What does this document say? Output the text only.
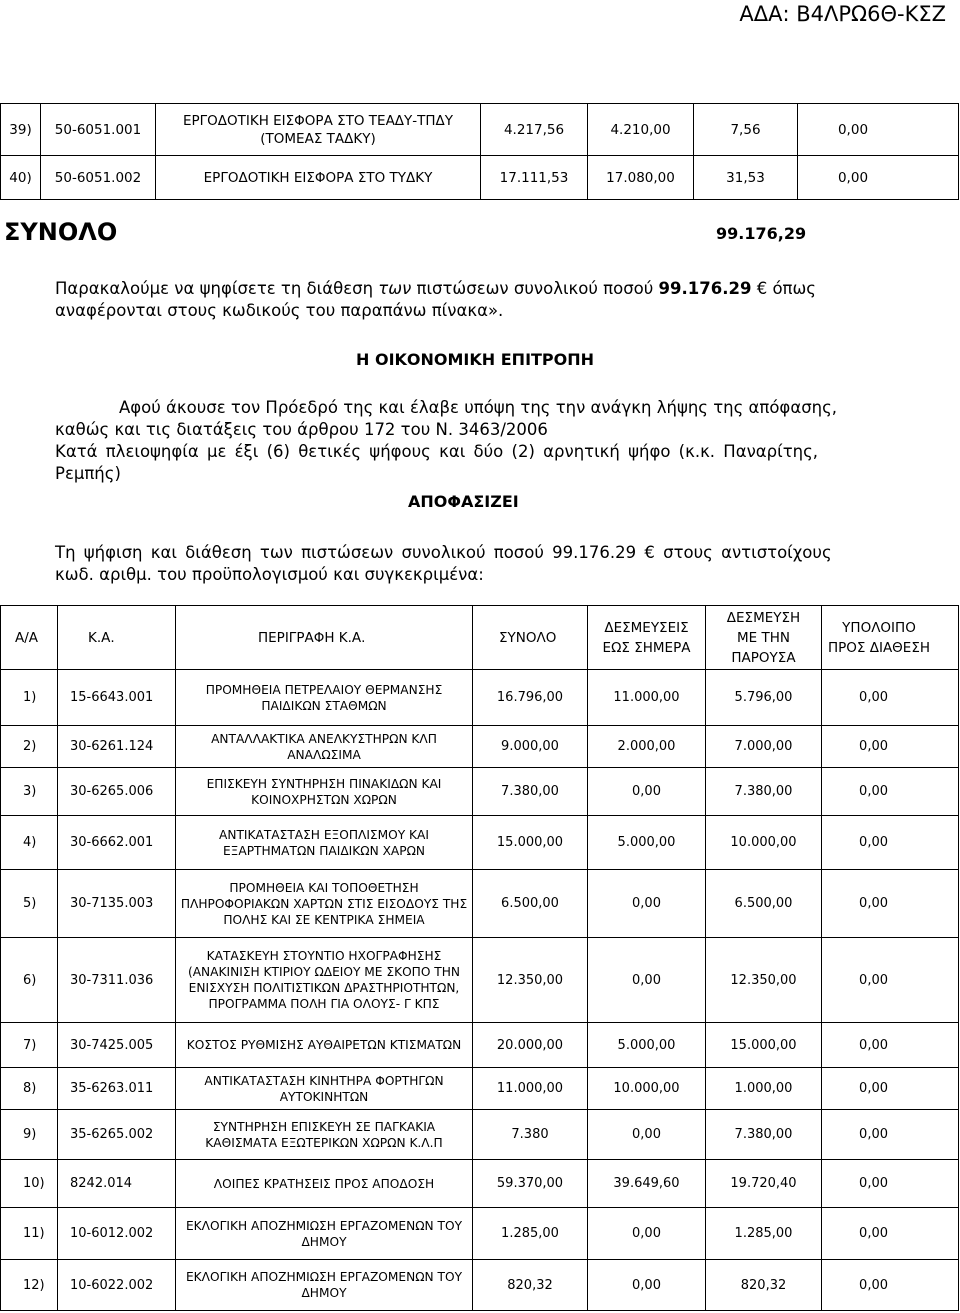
ΑΔΑ: Β4ΛΡΩ6Θ-ΚΣΖ
39)	50-6051.001	ΕΡΓΟΔΟΤΙΚΗ ΕΙΣΦΟΡΑ ΣΤΟ ΤΕΑΔΥ-ΤΠΔΥ (ΤΟΜΕΑΣ ΤΑΔΚΥ)	4.217,56	4.210,00	7,56	0,00
40)	50-6051.002	ΕΡΓΟΔΟΤΙΚΗ ΕΙΣΦΟΡΑ ΣΤΟ ΤΥΔΚΥ	17.111,53	17.080,00	31,53	0,00
ΣΥΝΟΛΟ	99.176,29
Παρακαλούμε να ψηφίσετε τη διάθεση των πιστώσεων συνολικού ποσού 99.176.29 € όπως
αναφέρονται στους κωδικούς του παραπάνω πίνακα».
Η ΟΙΚΟΝΟΜΙΚΗ ΕΠΙΤΡΟΠΗ
Αφού άκουσε τον Πρόεδρό της και έλαβε υπόψη της την ανάγκη λήψης της απόφασης,
καθώς και τις διατάξεις του άρθρου 172 του Ν. 3463/2006
Κατά πλειοψηφία με έξι (6) θετικές ψήφους και δύο (2) αρνητική ψήφο (κ.κ. Παναρίτης,
Ρεμπής)
ΑΠΟΦΑΣΙΖΕΙ
Τη ψήφιση και διάθεση των πιστώσεων συνολικού ποσού 99.176.29 € στους αντιστοίχους
κωδ. αριθμ. του προϋπολογισμού και συγκεκριμένα:
Α/Α	Κ.Α.	ΠΕΡΙΓΡΑΦΗ Κ.Α.	ΣΥΝΟΛΟ	ΔΕΣΜΕΥΣΕΙΣ ΕΩΣ ΣΗΜΕΡΑ	ΔΕΣΜΕΥΣΗ ΜΕ ΤΗΝ ΠΑΡΟΥΣΑ	ΥΠΟΛΟΙΠΟ ΠΡΟΣ ΔΙΑΘΕΣΗ
1)	15-6643.001	ΠΡΟΜΗΘΕΙΑ ΠΕΤΡΕΛΑΙΟΥ ΘΕΡΜΑΝΣΗΣ ΠΑΙΔΙΚΩΝ ΣΤΑΘΜΩΝ	16.796,00	11.000,00	5.796,00	0,00
2)	30-6261.124	ΑΝΤΑΛΛΑΚΤΙΚΑ ΑΝΕΛΚΥΣΤΗΡΩΝ ΚΛΠ ΑΝΑΛΩΣΙΜΑ	9.000,00	2.000,00	7.000,00	0,00
3)	30-6265.006	ΕΠΙΣΚΕΥΗ ΣΥΝΤΗΡΗΣΗ ΠΙΝΑΚΙΔΩΝ ΚΑΙ ΚΟΙΝΟΧΡΗΣΤΩΝ ΧΩΡΩΝ	7.380,00	0,00	7.380,00	0,00
4)	30-6662.001	ΑΝΤΙΚΑΤΑΣΤΑΣΗ ΕΞΟΠΛΙΣΜΟΥ ΚΑΙ ΕΞΑΡΤΗΜΑΤΩΝ ΠΑΙΔΙΚΩΝ ΧΑΡΩΝ	15.000,00	5.000,00	10.000,00	0,00
5)	30-7135.003	ΠΡΟΜΗΘΕΙΑ ΚΑΙ ΤΟΠΟΘΕΤΗΣΗ ΠΛΗΡΟΦΟΡΙΑΚΩΝ ΧΑΡΤΩΝ ΣΤΙΣ ΕΙΣΟΔΟΥΣ ΤΗΣ ΠΟΛΗΣ ΚΑΙ ΣΕ ΚΕΝΤΡΙΚΑ ΣΗΜΕΙΑ	6.500,00	0,00	6.500,00	0,00
6)	30-7311.036	ΚΑΤΑΣΚΕΥΗ ΣΤΟΥΝΤΙΟ ΗΧΟΓΡΑΦΗΣΗΣ (ΑΝΑΚΙΝΙΣΗ ΚΤΙΡΙΟΥ ΩΔΕΙΟΥ ΜΕ ΣΚΟΠΟ ΤΗΝ ΕΝΙΣΧΥΣΗ ΠΟΛΙΤΙΣΤΙΚΩΝ ΔΡΑΣΤΗΡΙΟΤΗΤΩΝ, ΠΡΟΓΡΑΜΜΑ ΠΟΛΗ ΓΙΑ ΟΛΟΥΣ- Γ ΚΠΣ	12.350,00	0,00	12.350,00	0,00
7)	30-7425.005	ΚΟΣΤΟΣ ΡΥΘΜΙΣΗΣ ΑΥΘΑΙΡΕΤΩΝ ΚΤΙΣΜΑΤΩΝ	20.000,00	5.000,00	15.000,00	0,00
8)	35-6263.011	ΑΝΤΙΚΑΤΑΣΤΑΣΗ ΚΙΝΗΤΗΡΑ ΦΟΡΤΗΓΩΝ ΑΥΤΟΚΙΝΗΤΩΝ	11.000,00	10.000,00	1.000,00	0,00
9)	35-6265.002	ΣΥΝΤΗΡΗΣΗ ΕΠΙΣΚΕΥΗ ΣΕ ΠΑΓΚΑΚΙΑ ΚΑΘΙΣΜΑΤΑ ΕΞΩΤΕΡΙΚΩΝ ΧΩΡΩΝ Κ.Λ.Π	7.380	0,00	7.380,00	0,00
10)	8242.014	ΛΟΙΠΕΣ ΚΡΑΤΗΣΕΙΣ ΠΡΟΣ ΑΠΟΔΟΣΗ	59.370,00	39.649,60	19.720,40	0,00
11)	10-6012.002	ΕΚΛΟΓΙΚΗ ΑΠΟΖΗΜΙΩΣΗ ΕΡΓΑΖΟΜΕΝΩΝ ΤΟΥ ΔΗΜΟΥ	1.285,00	0,00	1.285,00	0,00
12)	10-6022.002	ΕΚΛΟΓΙΚΗ ΑΠΟΖΗΜΙΩΣΗ ΕΡΓΑΖΟΜΕΝΩΝ ΤΟΥ ΔΗΜΟΥ	820,32	0,00	820,32	0,00
